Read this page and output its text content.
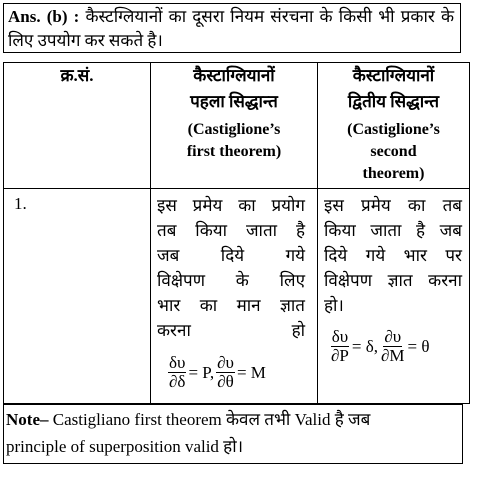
Ans. (b) : कैस्टग्लियानों का दूसरा नियम संरचना के किसी भी प्रकार के लिए उपयोग कर सकते है।
क्र.सं.	कैस्टाग्लियानों
पहला सिद्धान्त
(Castiglione’s
first theorem)
कैस्टाग्लियानों
द्वितीय सिद्धान्त
(Castiglione’s
second
theorem)
1.	इस प्रमेय का प्रयोग
तब किया जाता है
जब दिये गये
विक्षेपण के लिए
भार का मान ज्ञात
करना हो
$\frac{\delta\upsilon}{\partial\delta} = P$, $\frac{\partial\upsilon}{\partial\theta} = M$
इस प्रमेय का तब
किया जाता है जब
दिये गये भार पर
विक्षेपण ज्ञात करना
हो।
$\frac{\delta\upsilon}{\partial P} = \delta$, $\frac{\partial\upsilon}{\partial M} = \theta$
Note– Castigliano first theorem केवल तभी Valid है जब
principle of superposition valid हो।
